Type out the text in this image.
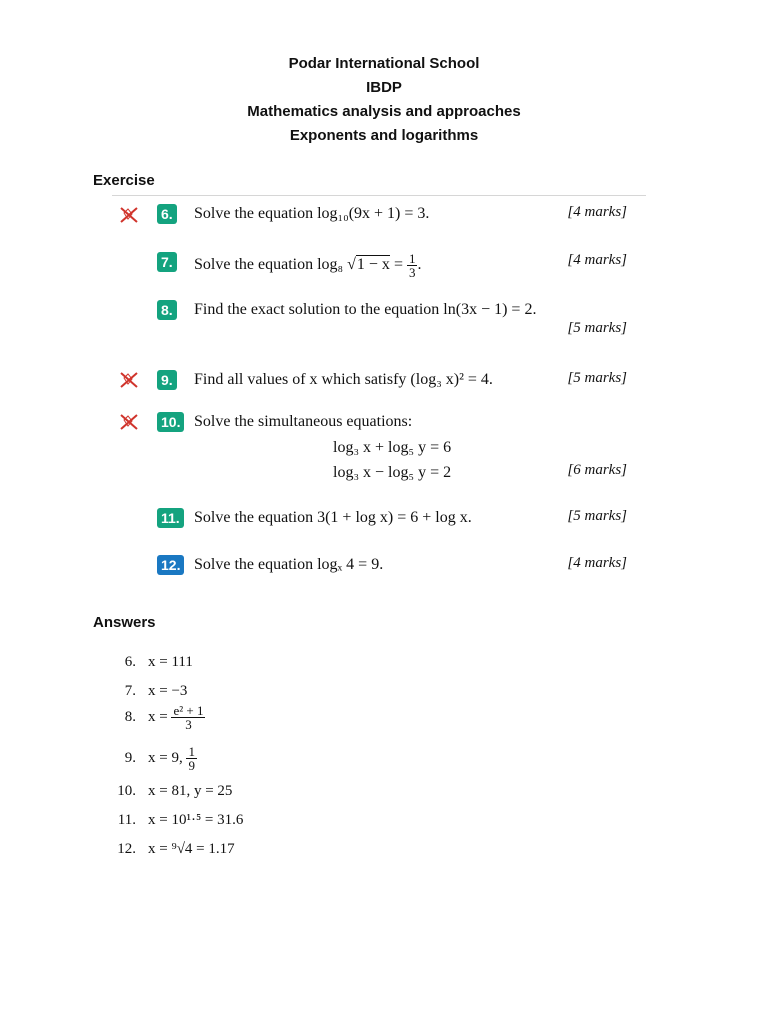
Podar International School
IBDP
Mathematics analysis and approaches
Exponents and logarithms
Exercise
6. Solve the equation log₁₀(9x + 1) = 3.	[4 marks]
7. Solve the equation log₈ $√1 - x = \frac{1}{3}$ .	[4 marks]
8. Find the exact solution to the equation ln(3x − 1) = 2.
[5 marks]
9. Find all values of x which satisfy (log₃ x)² = 4.	[5 marks]
10. Solve the simultaneous equations:
log₃ x + log₅ y = 6
log₃ x − log₅ y = 2	[6 marks]
11. Solve the equation 3(1 + log x) = 6 + log x.	[5 marks]
12. Solve the equation logₓ 4 = 9.	[4 marks]
Answers
6. x = 111
7. x = −3
8. $x = \frac{\text{e² + 1}}{3}$
9. x = 9, $\frac{1}{9}$
10. x = 81, y = 25
11. x = 10¹·⁵ = 31.6
12. x = ⁹√4 = 1.17
